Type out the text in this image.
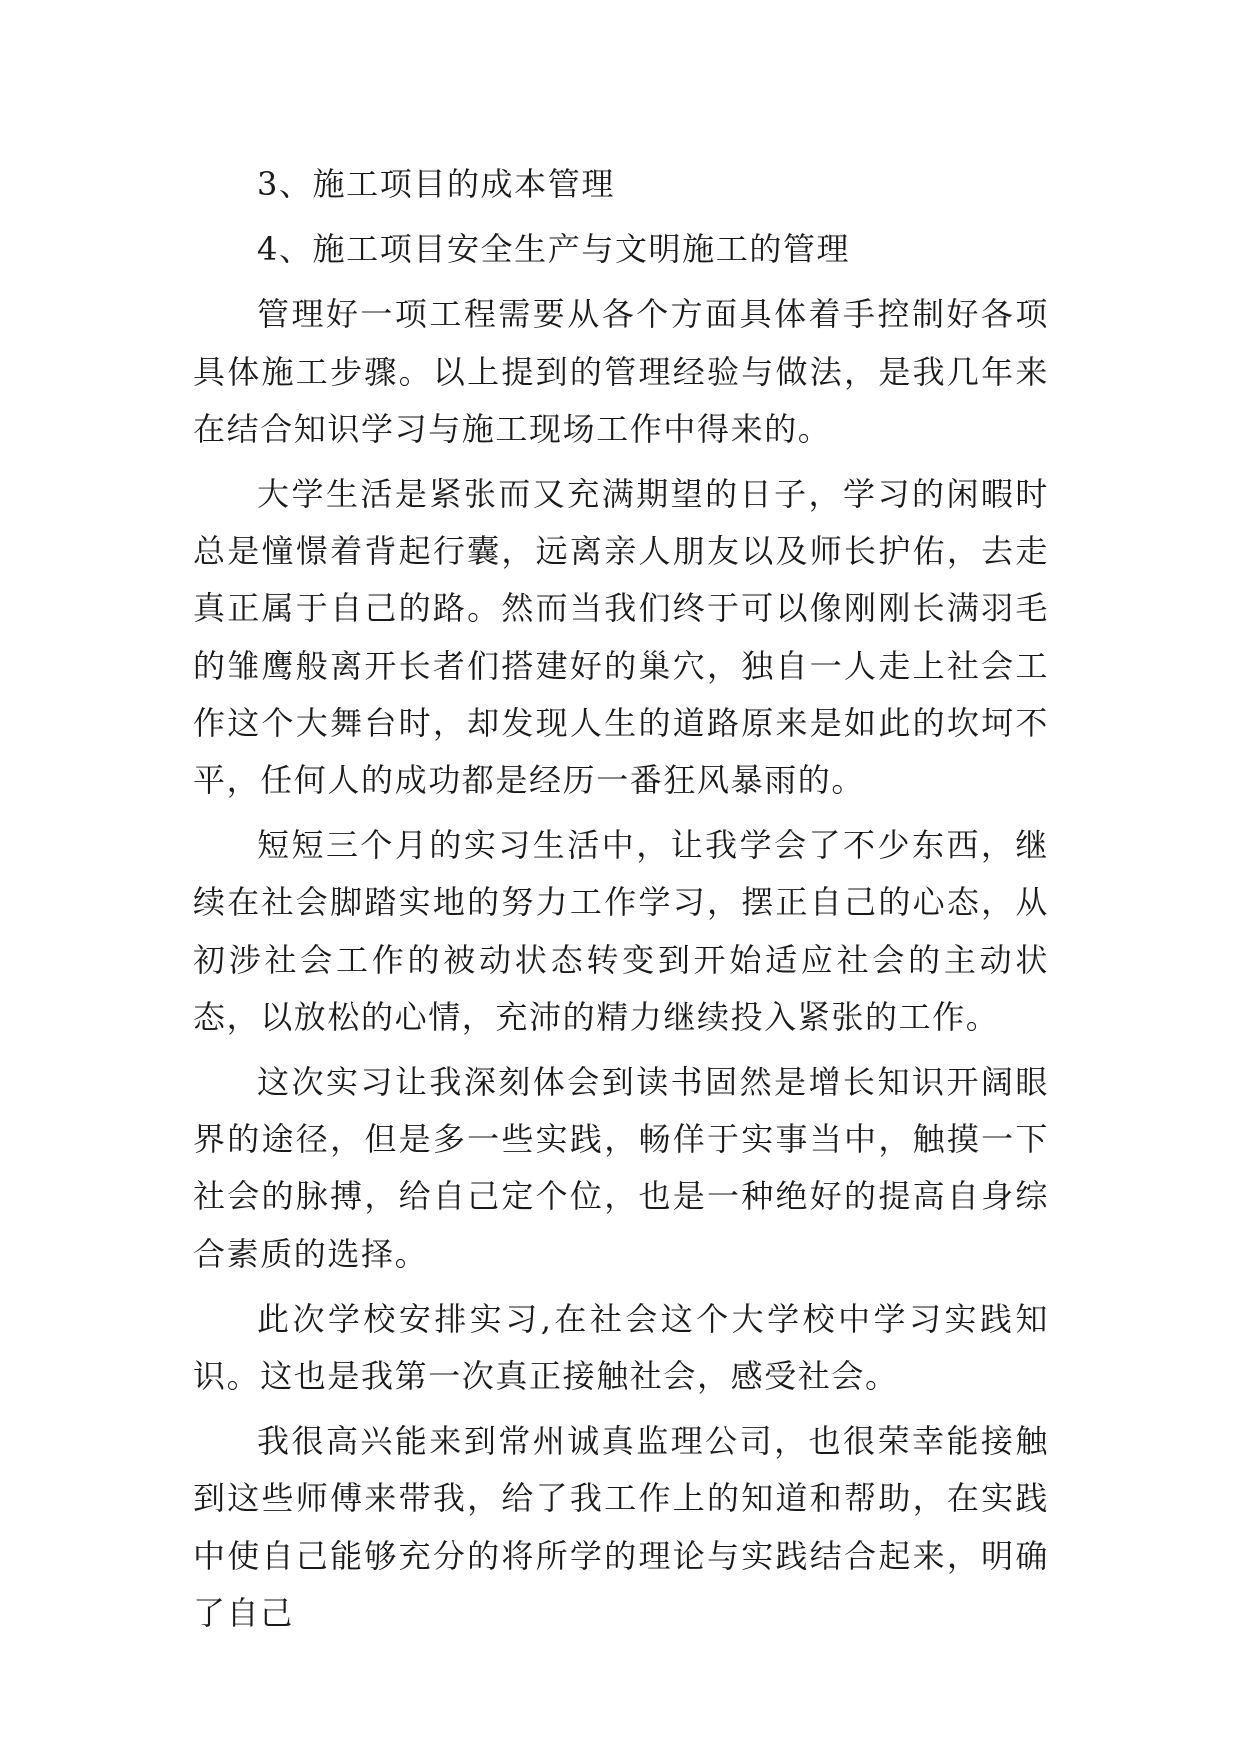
3、施工项目的成本管理

4、施工项目安全生产与文明施工的管理

管理好一项工程需要从各个方面具体着手控制好各项具体施工步骤。以上提到的管理经验与做法，是我几年来在结合知识学习与施工现场工作中得来的。

大学生活是紧张而又充满期望的日子，学习的闲暇时总是憧憬着背起行囊，远离亲人朋友以及师长护佑，去走真正属于自己的路。然而当我们终于可以像刚刚长满羽毛的雏鹰般离开长者们搭建好的巢穴，独自一人走上社会工作这个大舞台时，却发现人生的道路原来是如此的坎坷不平，任何人的成功都是经历一番狂风暴雨的。

短短三个月的实习生活中，让我学会了不少东西，继续在社会脚踏实地的努力工作学习，摆正自己的心态，从初涉社会工作的被动状态转变到开始适应社会的主动状态，以放松的心情，充沛的精力继续投入紧张的工作。

这次实习让我深刻体会到读书固然是增长知识开阔眼界的途径，但是多一些实践，畅佯于实事当中，触摸一下社会的脉搏，给自己定个位，也是一种绝好的提高自身综合素质的选择。

此次学校安排实习,在社会这个大学校中学习实践知识。这也是我第一次真正接触社会，感受社会。

我很高兴能来到常州诚真监理公司，也很荣幸能接触到这些师傅来带我，给了我工作上的知道和帮助，在实践中使自己能够充分的将所学的理论与实践结合起来，明确了自己
